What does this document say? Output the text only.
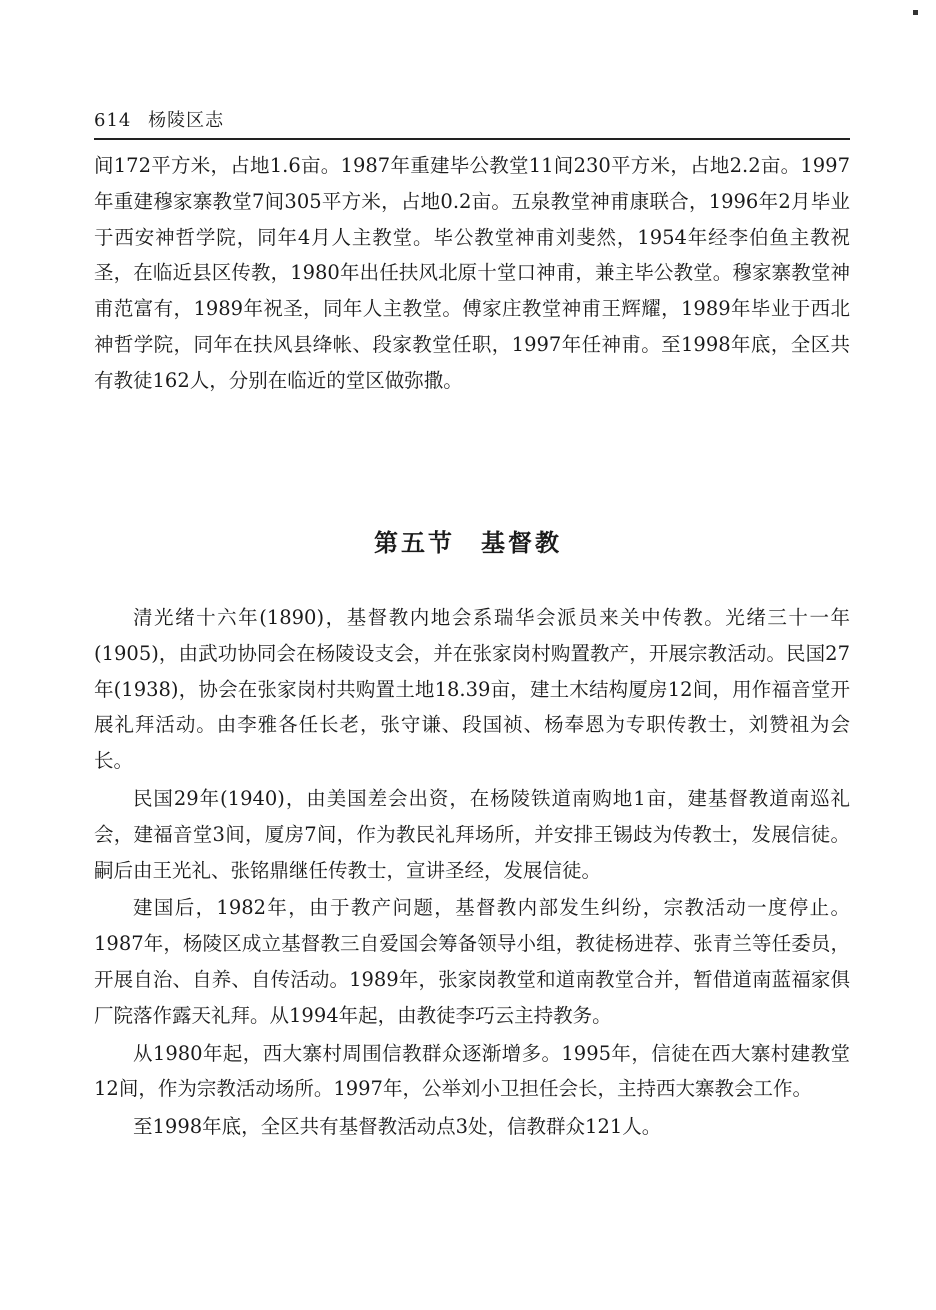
614 杨陵区志

间172平方米，占地1.6亩。1987年重建毕公教堂11间230平方米，占地2.2亩。1997年重建穆家寨教堂7间305平方米，占地0.2亩。五泉教堂神甫康联合，1996年2月毕业于西安神哲学院，同年4月人主教堂。毕公教堂神甫刘斐然，1954年经李伯鱼主教祝圣，在临近县区传教，1980年出任扶风北原十堂口神甫，兼主毕公教堂。穆家寨教堂神甫范富有，1989年祝圣，同年人主教堂。傅家庄教堂神甫王辉耀，1989年毕业于西北神哲学院，同年在扶风县绛帐、段家教堂任职，1997年任神甫。至1998年底，全区共有教徒162人，分别在临近的堂区做弥撒。

第五节 基督教

清光绪十六年(1890)，基督教内地会系瑞华会派员来关中传教。光绪三十一年(1905)，由武功协同会在杨陵设支会，并在张家岗村购置教产，开展宗教活动。民国27年(1938)，协会在张家岗村共购置土地18.39亩，建土木结构厦房12间，用作福音堂开展礼拜活动。由李雅各任长老，张守谦、段国祯、杨奉恩为专职传教士，刘赞祖为会长。

民国29年(1940)，由美国差会出资，在杨陵铁道南购地1亩，建基督教道南巡礼会，建福音堂3间，厦房7间，作为教民礼拜场所，并安排王锡歧为传教士，发展信徒。嗣后由王光礼、张铭鼎继任传教士，宣讲圣经，发展信徒。

建国后，1982年，由于教产问题，基督教内部发生纠纷，宗教活动一度停止。1987年，杨陵区成立基督教三自爱国会筹备领导小组，教徒杨进荐、张青兰等任委员，开展自治、自养、自传活动。1989年，张家岗教堂和道南教堂合并，暂借道南蓝福家俱厂院落作露天礼拜。从1994年起，由教徒李巧云主持教务。

从1980年起，西大寨村周围信教群众逐渐增多。1995年，信徒在西大寨村建教堂12间，作为宗教活动场所。1997年，公举刘小卫担任会长，主持西大寨教会工作。

至1998年底，全区共有基督教活动点3处，信教群众121人。
